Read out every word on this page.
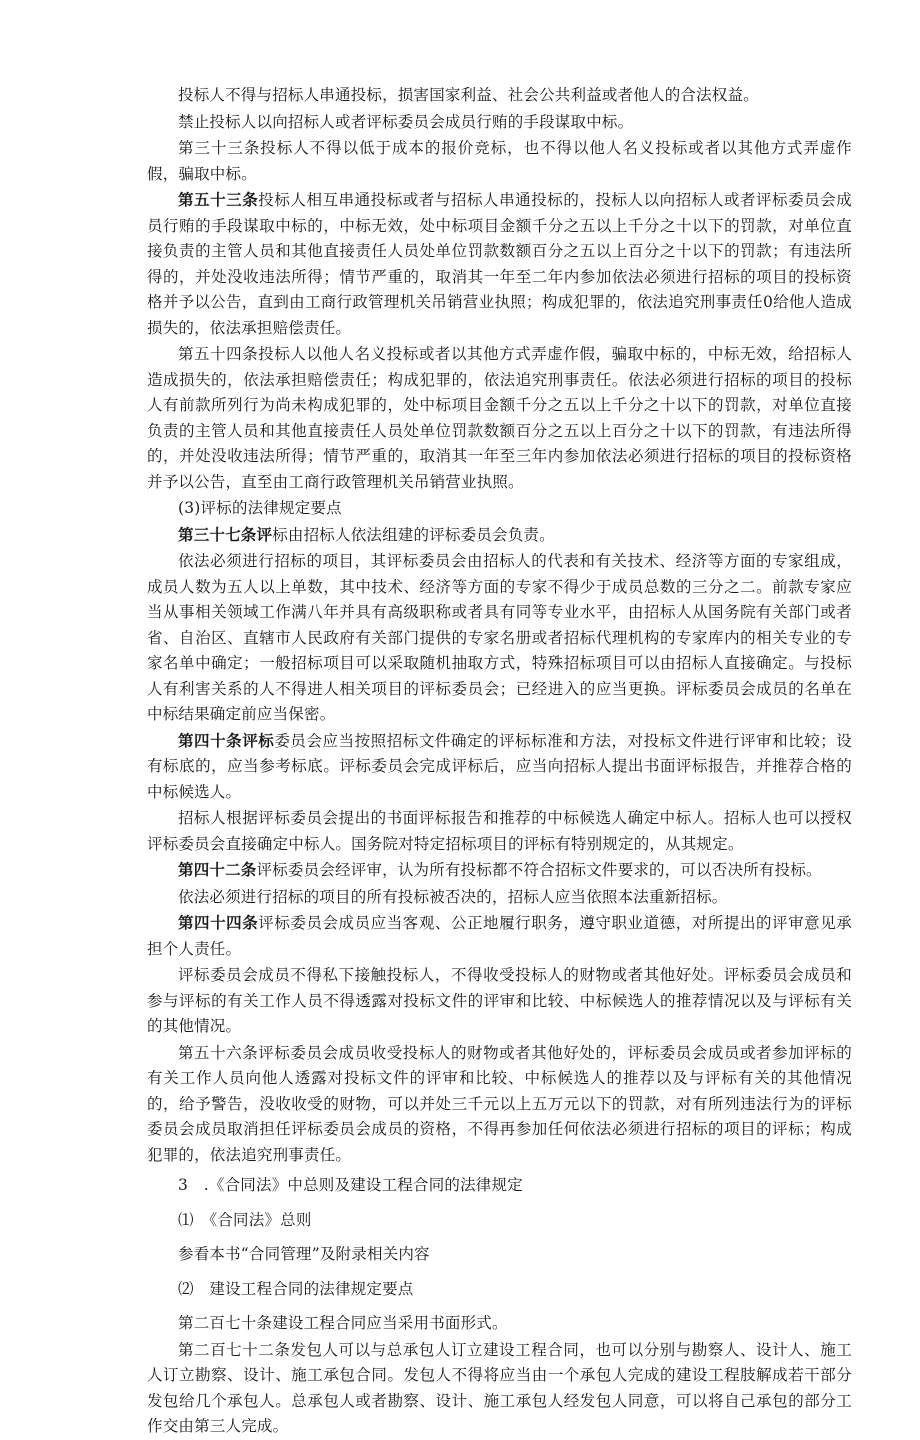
投标人不得与招标人串通投标，损害国家利益、社会公共利益或者他人的合法权益。

禁止投标人以向招标人或者评标委员会成员行贿的手段谋取中标。

第三十三条投标人不得以低于成本的报价竞标，也不得以他人名义投标或者以其他方式弄虚作假，骗取中标。

第五十三条投标人相互串通投标或者与招标人串通投标的，投标人以向招标人或者评标委员会成员行贿的手段谋取中标的，中标无效，处中标项目金额千分之五以上千分之十以下的罚款，对单位直接负责的主管人员和其他直接责任人员处单位罚款数额百分之五以上百分之十以下的罚款；有违法所得的，并处没收违法所得；情节严重的，取消其一年至二年内参加依法必须进行招标的项目的投标资格并予以公告，直到由工商行政管理机关吊销营业执照；构成犯罪的，依法追究刑事责任0给他人造成损失的，依法承担赔偿责任。

第五十四条投标人以他人名义投标或者以其他方式弄虚作假，骗取中标的，中标无效，给招标人造成损失的，依法承担赔偿责任；构成犯罪的，依法追究刑事责任。依法必须进行招标的项目的投标人有前款所列行为尚未构成犯罪的，处中标项目金额千分之五以上千分之十以下的罚款，对单位直接负责的主管人员和其他直接责任人员处单位罚款数额百分之五以上百分之十以下的罚款，有违法所得的，并处没收违法所得；情节严重的，取消其一年至三年内参加依法必须进行招标的项目的投标资格并予以公告，直至由工商行政管理机关吊销营业执照。

(3)评标的法律规定要点

第三十七条评标由招标人依法组建的评标委员会负责。

依法必须进行招标的项目，其评标委员会由招标人的代表和有关技术、经济等方面的专家组成，成员人数为五人以上单数，其中技术、经济等方面的专家不得少于成员总数的三分之二。前款专家应当从事相关领域工作满八年并具有高级职称或者具有同等专业水平，由招标人从国务院有关部门或者省、自治区、直辖市人民政府有关部门提供的专家名册或者招标代理机构的专家库内的相关专业的专家名单中确定；一般招标项目可以采取随机抽取方式，特殊招标项目可以由招标人直接确定。与投标人有利害关系的人不得进人相关项目的评标委员会；已经进入的应当更换。评标委员会成员的名单在中标结果确定前应当保密。

第四十条评标委员会应当按照招标文件确定的评标标准和方法，对投标文件进行评审和比较；设有标底的，应当参考标底。评标委员会完成评标后，应当向招标人提出书面评标报告，并推荐合格的中标候选人。

招标人根据评标委员会提出的书面评标报告和推荐的中标候选人确定中标人。招标人也可以授权评标委员会直接确定中标人。国务院对特定招标项目的评标有特别规定的，从其规定。

第四十二条评标委员会经评审，认为所有投标都不符合招标文件要求的，可以否决所有投标。

依法必须进行招标的项目的所有投标被否决的，招标人应当依照本法重新招标。

第四十四条评标委员会成员应当客观、公正地履行职务，遵守职业道德，对所提出的评审意见承担个人责任。

评标委员会成员不得私下接触投标人，不得收受投标人的财物或者其他好处。评标委员会成员和参与评标的有关工作人员不得透露对投标文件的评审和比较、中标候选人的推荐情况以及与评标有关的其他情况。

第五十六条评标委员会成员收受投标人的财物或者其他好处的，评标委员会成员或者参加评标的有关工作人员向他人透露对投标文件的评审和比较、中标候选人的推荐以及与评标有关的其他情况的，给予警告，没收收受的财物，可以并处三千元以上五万元以下的罚款，对有所列违法行为的评标委员会成员取消担任评标委员会成员的资格，不得再参加任何依法必须进行招标的项目的评标；构成犯罪的，依法追究刑事责任。

3　.《合同法》中总则及建设工程合同的法律规定

⑴　《合同法》总则

参看本书“合同管理”及附录相关内容

⑵　建设工程合同的法律规定要点

第二百七十条建设工程合同应当采用书面形式。

第二百七十二条发包人可以与总承包人订立建设工程合同，也可以分别与勘察人、设计人、施工人订立勘察、设计、施工承包合同。发包人不得将应当由一个承包人完成的建设工程肢解成若干部分发包给几个承包人。总承包人或者勘察、设计、施工承包人经发包人同意，可以将自己承包的部分工作交由第三人完成。
